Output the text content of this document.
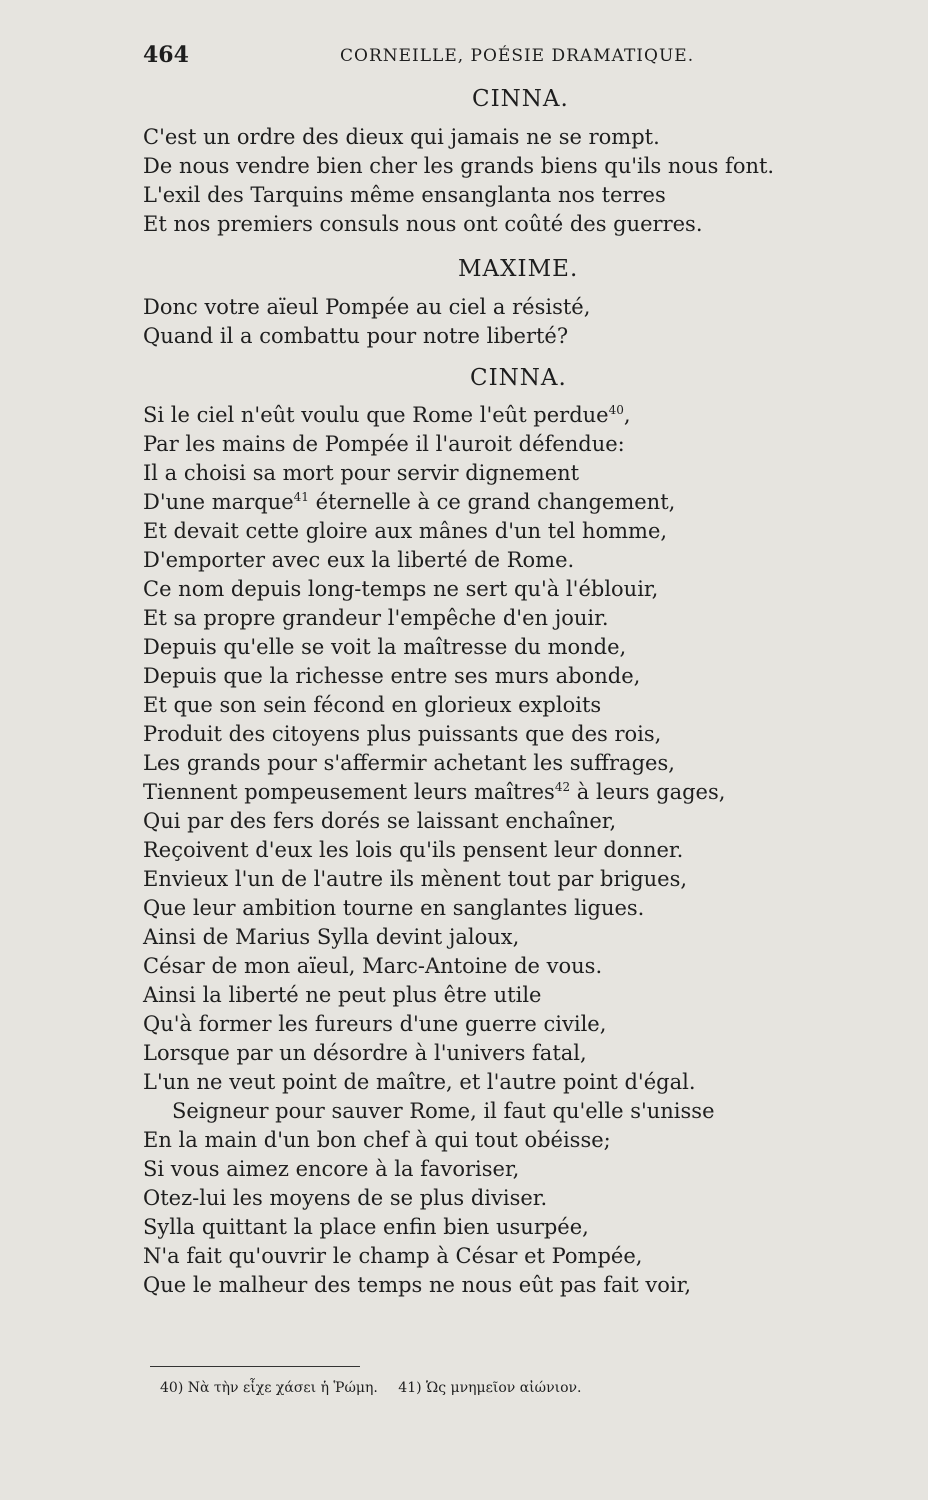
464	CORNEILLE, POÉSIE DRAMATIQUE.
CINNA.
C'est un ordre des dieux qui jamais ne se rompt.
De nous vendre bien cher les grands biens qu'ils nous font.
L'exil des Tarquins même ensanglanta nos terres
Et nos premiers consuls nous ont coûté des guerres.
MAXIME.
Donc votre aïeul Pompée au ciel a résisté,
Quand il a combattu pour notre liberté?
CINNA.
Si le ciel n'eût voulu que Rome l'eût perdue$^{40}$,
Par les mains de Pompée il l'auroit défendue:
Il a choisi sa mort pour servir dignement
D'une marque$^{41}$ éternelle à ce grand changement,
Et devait cette gloire aux mânes d'un tel homme,
D'emporter avec eux la liberté de Rome.
Ce nom depuis long-temps ne sert qu'à l'éblouir,
Et sa propre grandeur l'empêche d'en jouir.
Depuis qu'elle se voit la maîtresse du monde,
Depuis que la richesse entre ses murs abonde,
Et que son sein fécond en glorieux exploits
Produit des citoyens plus puissants que des rois,
Les grands pour s'affermir achetant les suffrages,
Tiennent pompeusement leurs maîtres$^{42}$ à leurs gages,
Qui par des fers dorés se laissant enchaîner,
Reçoivent d'eux les lois qu'ils pensent leur donner.
Envieux l'un de l'autre ils mènent tout par brigues,
Que leur ambition tourne en sanglantes ligues.
Ainsi de Marius Sylla devint jaloux,
César de mon aïeul, Marc-Antoine de vous.
Ainsi la liberté ne peut plus être utile
Qu'à former les fureurs d'une guerre civile,
Lorsque par un désordre à l'univers fatal,
L'un ne veut point de maître, et l'autre point d'égal.
Seigneur pour sauver Rome, il faut qu'elle s'unisse
En la main d'un bon chef à qui tout obéisse;
Si vous aimez encore à la favoriser,
Otez-lui les moyens de se plus diviser.
Sylla quittant la place enfin bien usurpée,
N'a fait qu'ouvrir le champ à César et Pompée,
Que le malheur des temps ne nous eût pas fait voir,
40) Νὰ τὴν εἶχε χάσει ἡ Ῥώμη. 41) Ὡς μνημεῖον αἰώνιον.
